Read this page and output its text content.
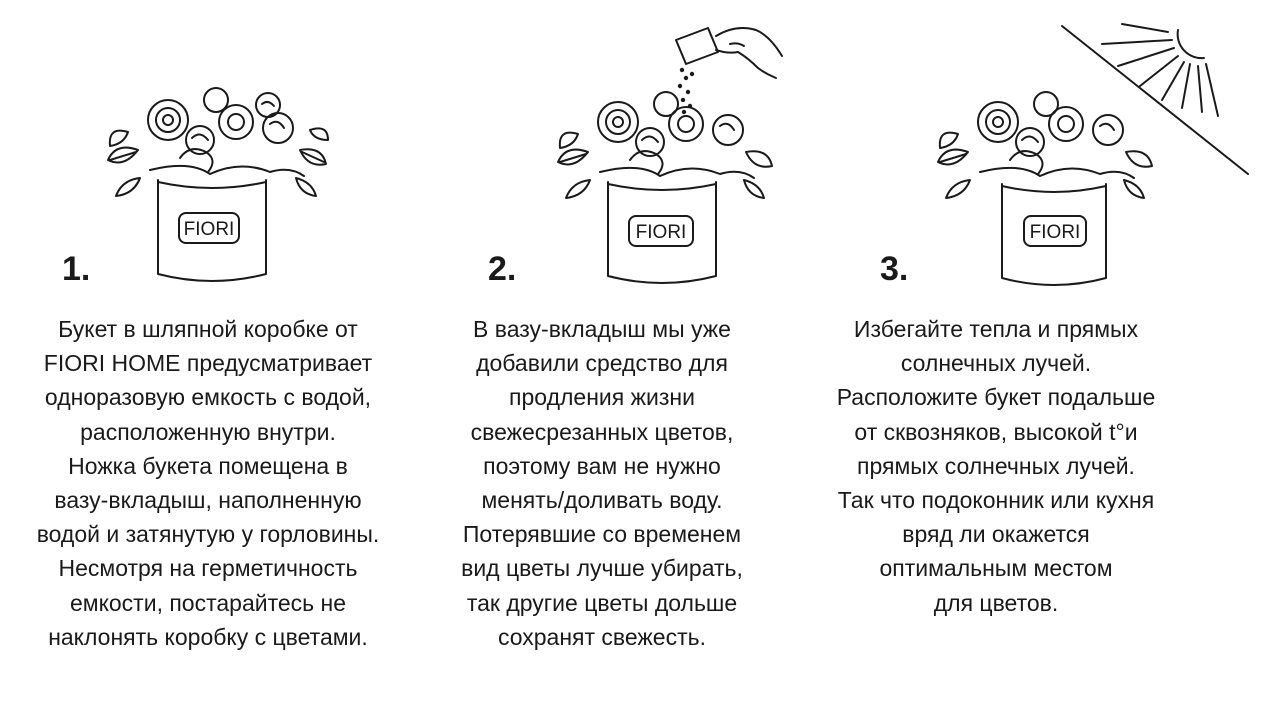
FIORI
1.
Букет в шляпной коробке от
FIORI HOME предусматривает
одноразовую емкость с водой,
расположенную внутри.
Ножка букета помещена в
вазу-вкладыш, наполненную
водой и затянутую у горловины.
Несмотря на герметичность
емкости, постарайтесь не
наклонять коробку с цветами.
FIORI
2.
В вазу-вкладыш мы уже
добавили средство для
продления жизни
свежесрезанных цветов,
поэтому вам не нужно
менять/доливать воду.
Потерявшие со временем
вид цветы лучше убирать,
так другие цветы дольше
сохранят свежесть.
FIORI
3.
Избегайте тепла и прямых
солнечных лучей.
Расположите букет подальше
от сквозняков, высокой t°и
прямых солнечных лучей.
Так что подоконник или кухня
вряд ли окажется
оптимальным местом
для цветов.
